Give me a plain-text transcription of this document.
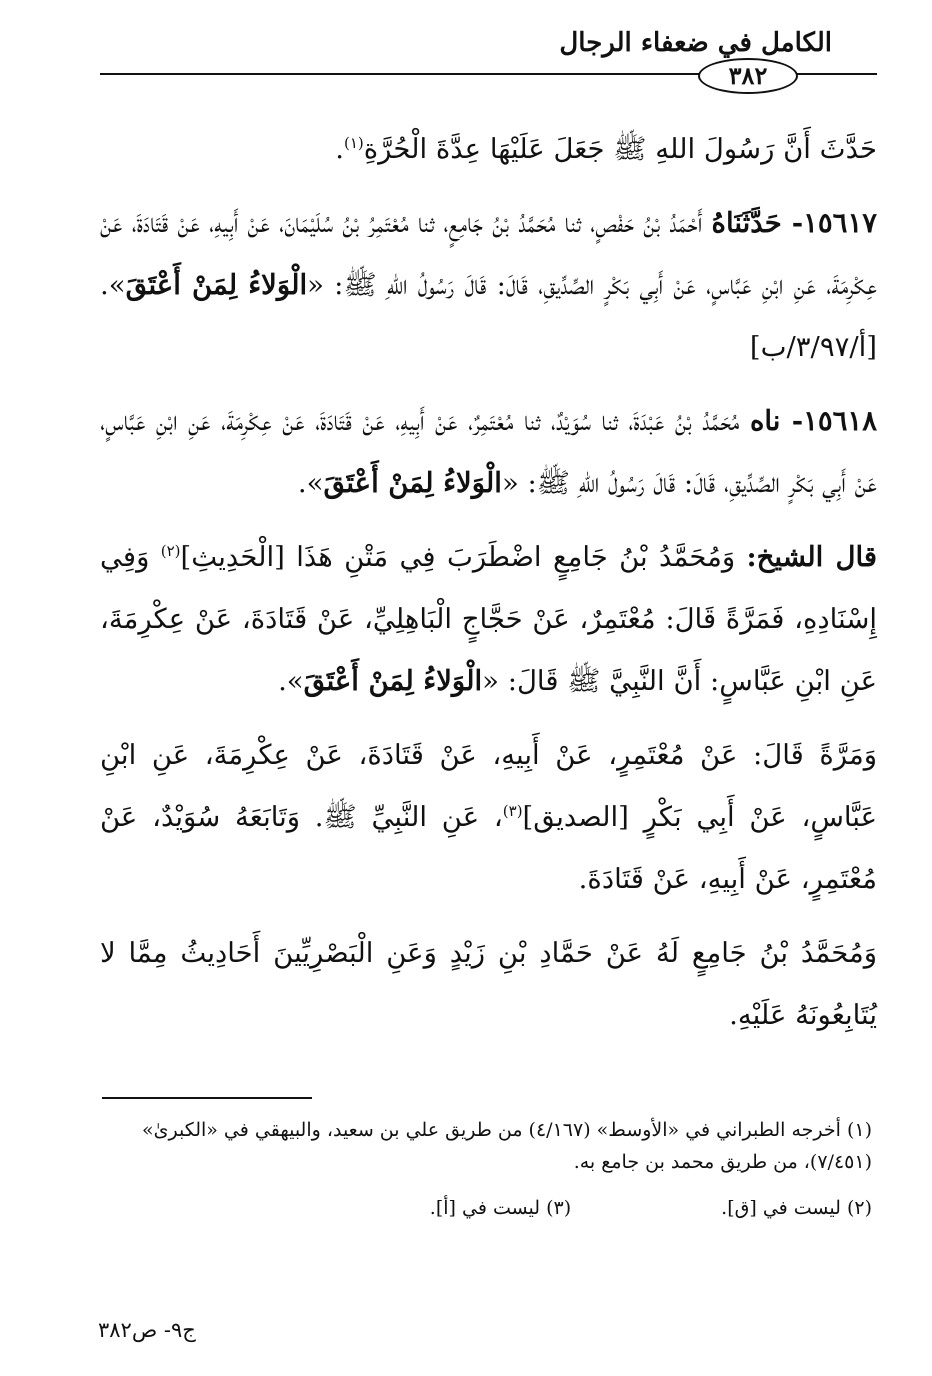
الكامل في ضعفاء الرجال
٣٨٢

حَدَّثَ أَنَّ رَسُولَ اللهِ ﷺ جَعَلَ عَلَيْهَا عِدَّةَ الْحُرَّةِ$^{(١)}$.

١٥٦١٧- حَدَّثَنَاهُ أَحْمَدُ بْنُ حَفْصٍ، ثنا مُحَمَّدُ بْنُ جَامِعٍ، ثنا مُعْتَمِرُ بْنُ سُلَيْمَانَ، عَنْ أَبِيهِ، عَنْ قَتَادَةَ، عَنْ عِكْرِمَةَ، عَنِ ابْنِ عَبَّاسٍ، عَنْ أَبِي بَكْرٍ الصِّدِّيقِ، قَالَ: قَالَ رَسُولُ اللهِ ﷺ: «الْوَلاءُ لِمَنْ أَعْتَقَ». [أ/٣/٩٧/ب]

١٥٦١٨- ناه مُحَمَّدُ بْنُ عَبْدَةَ، ثنا سُوَيْدٌ، ثنا مُعْتَمِرٌ، عَنْ أَبِيهِ، عَنْ قَتَادَةَ، عَنْ عِكْرِمَةَ، عَنِ ابْنِ عَبَّاسٍ، عَنْ أَبِي بَكْرٍ الصِّدِّيقِ، قَالَ: قَالَ رَسُولُ اللهِ ﷺ: «الْوَلاءُ لِمَنْ أَعْتَقَ».

قال الشيخ: وَمُحَمَّدُ بْنُ جَامِعٍ اضْطَرَبَ فِي مَتْنِ هَذَا [الْحَدِيثِ]$^{(٢)}$ وَفِي إِسْنَادِهِ، فَمَرَّةً قَالَ: مُعْتَمِرٌ، عَنْ حَجَّاجٍ الْبَاهِلِيِّ، عَنْ قَتَادَةَ، عَنْ عِكْرِمَةَ، عَنِ ابْنِ عَبَّاسٍ: أَنَّ النَّبِيَّ ﷺ قَالَ: «الْوَلاءُ لِمَنْ أَعْتَقَ».

وَمَرَّةً قَالَ: عَنْ مُعْتَمِرٍ، عَنْ أَبِيهِ، عَنْ قَتَادَةَ، عَنْ عِكْرِمَةَ، عَنِ ابْنِ عَبَّاسٍ، عَنْ أَبِي بَكْرٍ [الصديق]$^{(٣)}$، عَنِ النَّبِيِّ ﷺ. وَتَابَعَهُ سُوَيْدٌ، عَنْ مُعْتَمِرٍ، عَنْ أَبِيهِ، عَنْ قَتَادَةَ.

وَمُحَمَّدُ بْنُ جَامِعٍ لَهُ عَنْ حَمَّادِ بْنِ زَيْدٍ وَعَنِ الْبَصْرِيِّينَ أَحَادِيثُ مِمَّا لا يُتَابِعُونَهُ عَلَيْهِ.

(١) أخرجه الطبراني في «الأوسط» (٤/١٦٧) من طريق علي بن سعيد، والبيهقي في «الكبرىٰ»
(٧/٤٥١)، من طريق محمد بن جامع به.
(٢) ليست في [ق].
(٣) ليست في [أ].
ج٩- ص٣٨٢
